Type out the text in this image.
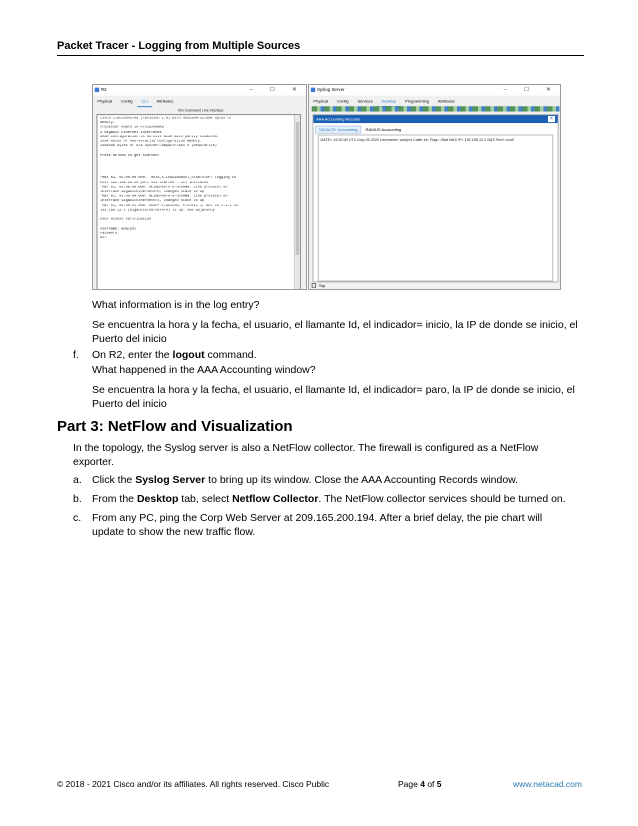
Packet Tracer - Logging from Multiple Sources
R2	– ☐ ✕
Physical Config CLI Attributes
IOS Command Line Interface
Cisco CISCO1941/K9 (revision 1.0) with 491520K/32768K bytes of
memory.
Processor board ID FTX152400KS
2 Gigabit Ethernet interfaces
DRAM configuration is 64 bits wide with parity disabled.
255K bytes of non-volatile configuration memory.
249856K bytes of ATA System CompactFlash 0 (Read/Write)
Press RETURN to get started!
*Mar 01, 02:00:00.000:  %SYS-5-LOGGINGHOST_STARTSTOP: Logging to
host 192.168.20.20 port 514 started - CLI initiated
*Mar 01, 02:00:00.000: %LINEPROTO-5-UPDOWN: Line protocol on
Interface GigabitEthernet0/0, changed state to up
*Mar 01, 02:00:00.000: %LINEPROTO-5-UPDOWN: Line protocol on
Interface GigabitEthernet0/1, changed state to up
*Mar 01, 02:00:01.000: %OSPF-5-ADJCHG: Process 1, Nbr 10.1.1.1 on
192.168.12.1 (GigabitEthernet0/0) is up: new adjacency
User Access Verification
Username: analyst
Password:
R2>
Syslog Server	– ☐ ✕
Physical Config Services Desktop Programming Attributes
AAA Accounting Records	X
TACACS+ Accounting RADIUS Accounting
DATE= 15:52:40 UTC may 05 2020 Username= analyst Caller Id= Flag= Start NAS IP= 192.168.12.2 NAS Port= con0
Top
What information is in the log entry?
Se encuentra la hora y la fecha, el usuario, el llamante Id, el indicador= inicio, la IP de donde se inicio, el Puerto del inicio
f. On R2, enter the logout command.
What happened in the AAA Accounting window?
Se encuentra la hora y la fecha, el usuario, el llamante Id, el indicador= paro, la IP de donde se inicio, el Puerto del inicio
Part 3: NetFlow and Visualization
In the topology, the Syslog server is also a NetFlow collector. The firewall is configured as a NetFlow exporter.
a. Click the Syslog Server to bring up its window. Close the AAA Accounting Records window.
b. From the Desktop tab, select Netflow Collector. The NetFlow collector services should be turned on.
c. From any PC, ping the Corp Web Server at 209.165.200.194. After a brief delay, the pie chart will update to show the new traffic flow.
© 2018 - 2021 Cisco and/or its affiliates. All rights reserved. Cisco Public	Page 4 of 5	www.netacad.com
